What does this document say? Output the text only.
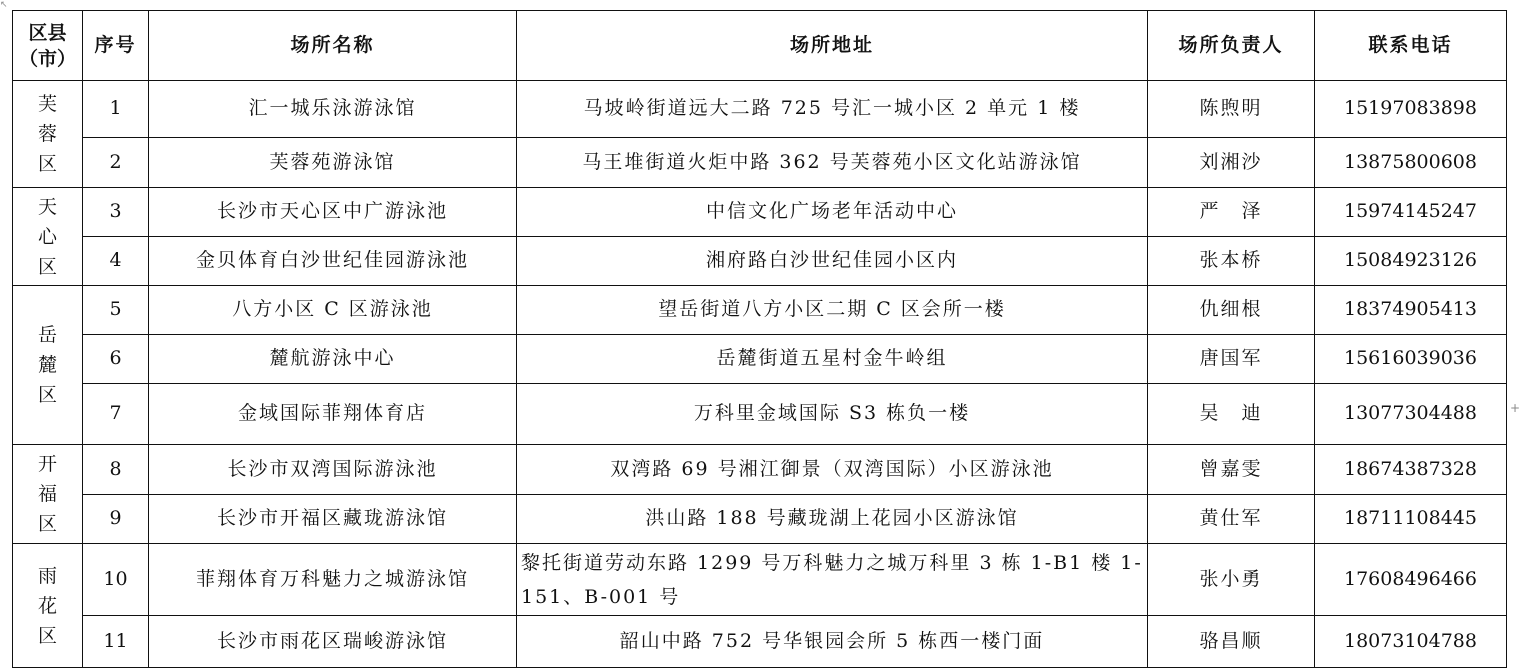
↖
+
区县
（市）	序号	场所名称	场所地址	场所负责人	联系电话

芙
蓉
区	1	汇一城乐泳游泳馆	马坡岭街道远大二路 725 号汇一城小区 2 单元 1 楼	陈煦明	15197083898
	2	芙蓉苑游泳馆	马王堆街道火炬中路 362 号芙蓉苑小区文化站游泳馆	刘湘沙	13875800608

天
心
区	3	长沙市天心区中广游泳池	中信文化广场老年活动中心	严　泽	15974145247
	4	金贝体育白沙世纪佳园游泳池	湘府路白沙世纪佳园小区内	张本桥	15084923126

岳
麓
区	5	八方小区 C 区游泳池	望岳街道八方小区二期 C 区会所一楼	仇细根	18374905413
	6	麓航游泳中心	岳麓街道五星村金牛岭组	唐国军	15616039036
	7	金域国际菲翔体育店	万科里金域国际 S3 栋负一楼	吴　迪	13077304488

开
福
区	8	长沙市双湾国际游泳池	双湾路 69 号湘江御景（双湾国际）小区游泳池	曾嘉雯	18674387328
	9	长沙市开福区藏珑游泳馆	洪山路 188 号藏珑湖上花园小区游泳馆	黄仕军	18711108445

雨
花
区	10	菲翔体育万科魅力之城游泳馆	黎托街道劳动东路 1299 号万科魅力之城万科里 3 栋 1-B1 楼 1-151、B-001 号	张小勇	17608496466
	11	长沙市雨花区瑞峻游泳馆	韶山中路 752 号华银园会所 5 栋西一楼门面	骆昌顺	18073104788
